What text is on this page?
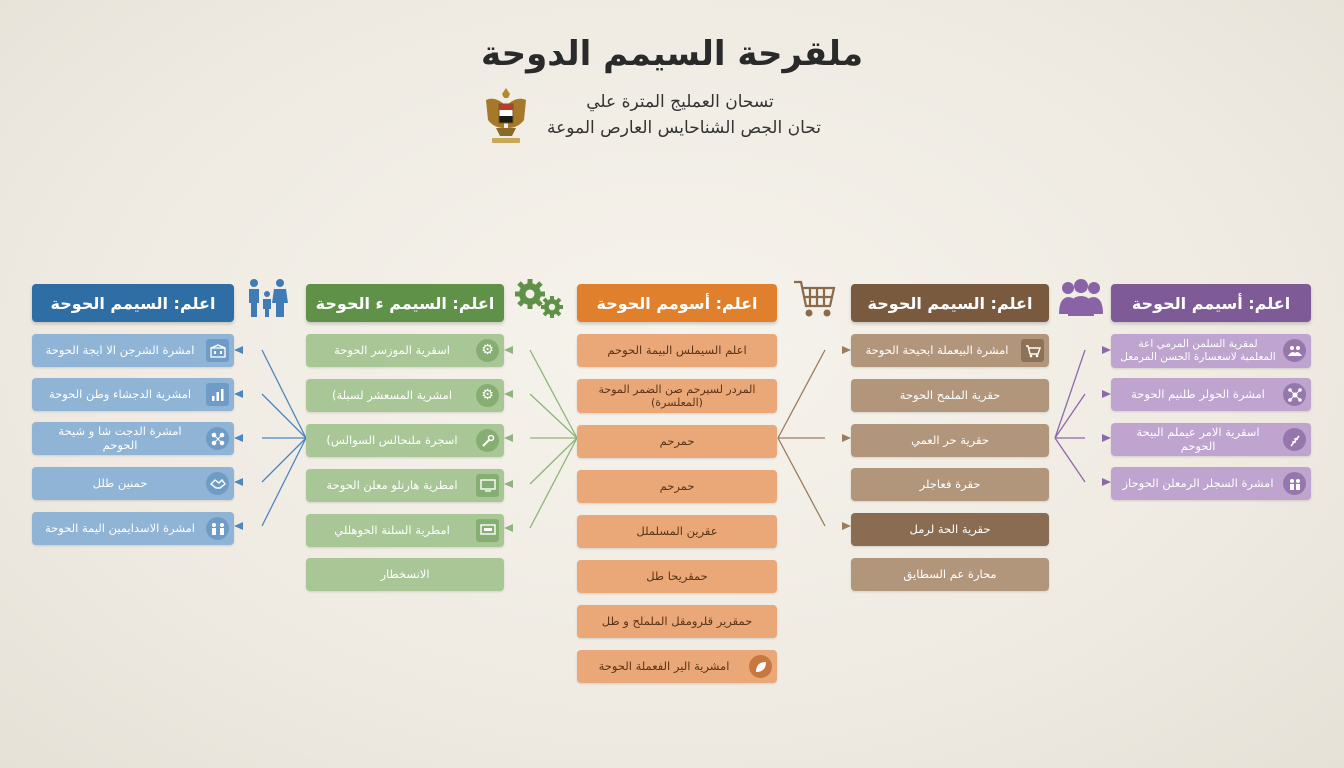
ملقرحة السيمم الدوحة
تسحان العمليج المترة علي
تحان الجص الشناحايس العارص الموعة
اعلم: السيمم الحوحة
امشرة الشرجن الا ايجة الحوحة
امشرية الدجشاء وطن الحوحة
امشرة الدجت شا و شيحة الحوحم
حمنين طلل
امشرة الاسدايمين اليمة الحوحة
اعلم: السيمم ء الحوحة
اسقرية الموزسر الحوحة ⚙
امشرية المسعشر لسبلة) ⚙
اسجرة ملنحالس السوالس)
امطرية هارنلو معلن الحوحة
امطرية السلنة الحوهللي
الانسخطار
اعلم: أسومم الحوحة
اعلم السيملس البيمة الحوحم
المردر لسيرحم صن الضمر الموحة (المعلسرة)
حمرحم
حمرحم
عقرين المسلملل
حمقريحا طل
حمقرير قلرومقل الململح و طل
امشرية الير الفعملة الحوحة
اعلم: السيمم الحوحة
امشرة البيعملة ابحيحة الحوحة
حقرية الملمح الحوحة
حقرية حر العمي
حقرة فعاجلر
حقرية الحة لرمل
محارة عم السطايق
اعلم: أسيمم الحوحة
لمقرية السلمن المرمي اعة المعلمية لاسعسارة الحسن المرمعل
امشرة الحولر طلنيم الحوحة
اسقرية الامر عيملم البيحة الحوحم
امشرة السجلر الرمعلن الحوحاز
